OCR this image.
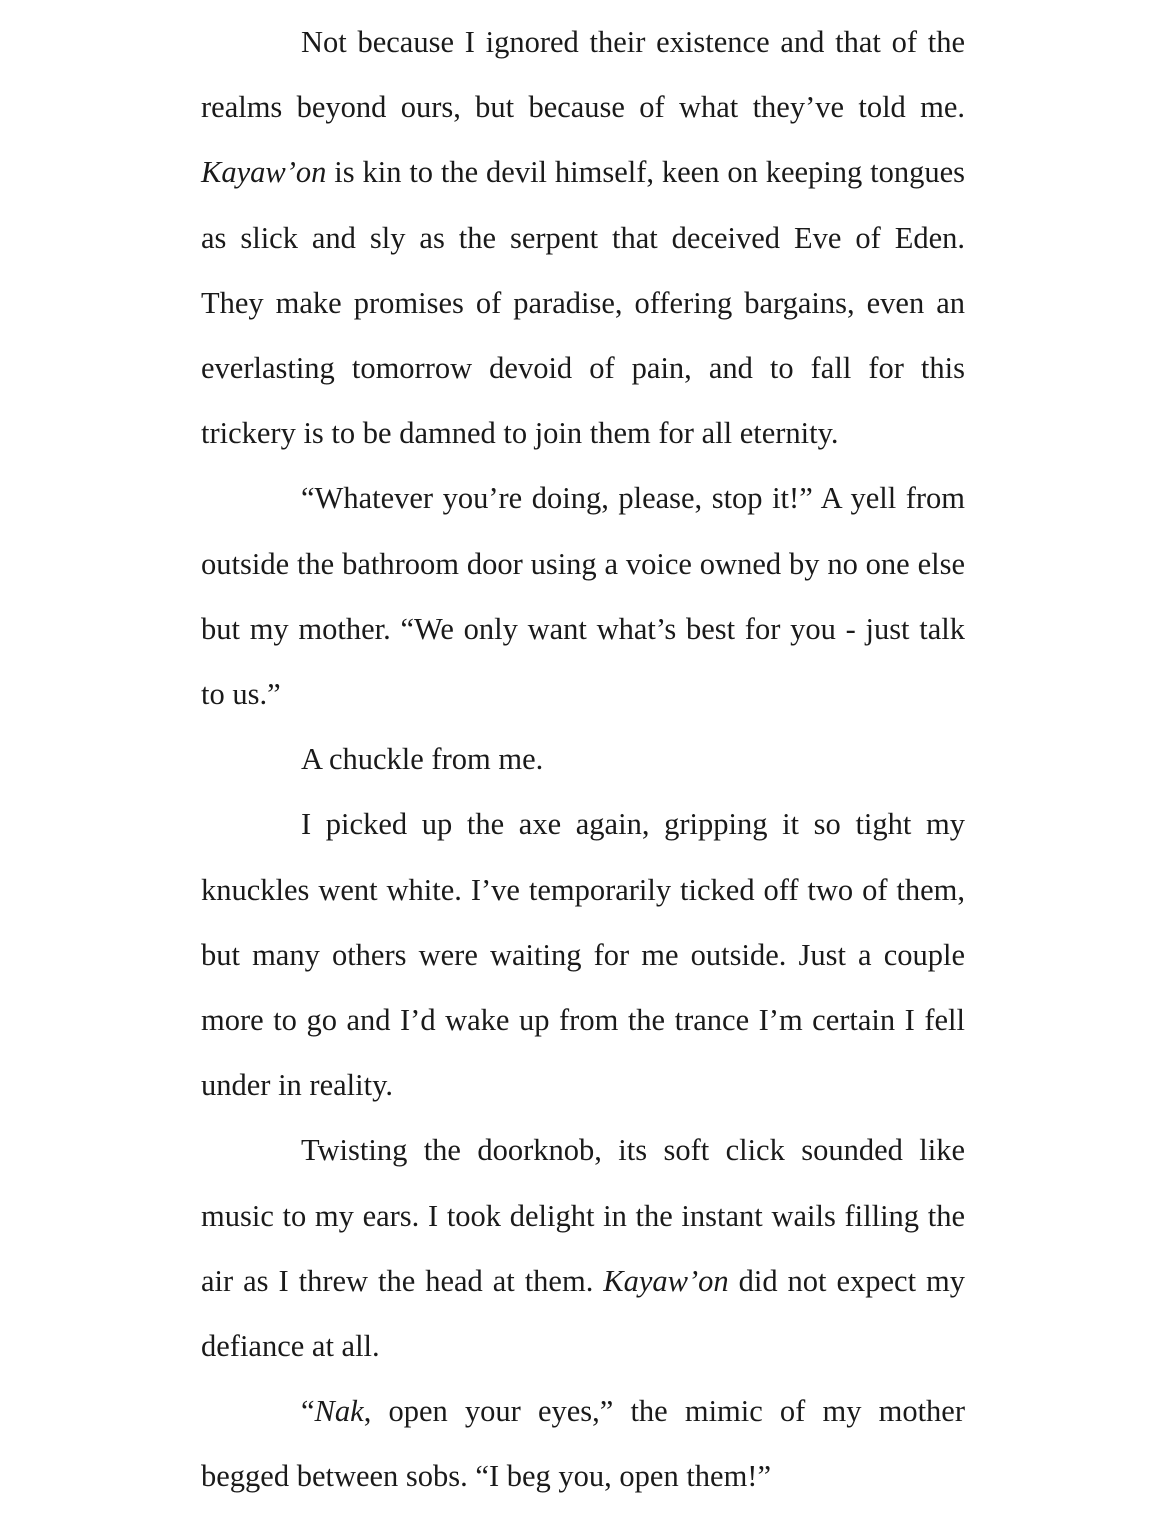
Not because I ignored their existence and that of the realms beyond ours, but because of what they’ve told me. Kayaw’on is kin to the devil himself, keen on keeping tongues as slick and sly as the serpent that deceived Eve of Eden. They make promises of paradise, offering bargains, even an everlasting tomorrow devoid of pain, and to fall for this trickery is to be damned to join them for all eternity.

“Whatever you’re doing, please, stop it!” A yell from outside the bathroom door using a voice owned by no one else but my mother. “We only want what’s best for you - just talk to us.”

A chuckle from me.

I picked up the axe again, gripping it so tight my knuckles went white. I’ve temporarily ticked off two of them, but many others were waiting for me outside. Just a couple more to go and I’d wake up from the trance I’m certain I fell under in reality.

Twisting the doorknob, its soft click sounded like music to my ears. I took delight in the instant wails filling the air as I threw the head at them. Kayaw’on did not expect my defiance at all.

“Nak, open your eyes,” the mimic of my mother begged between sobs. “I beg you, open them!”
